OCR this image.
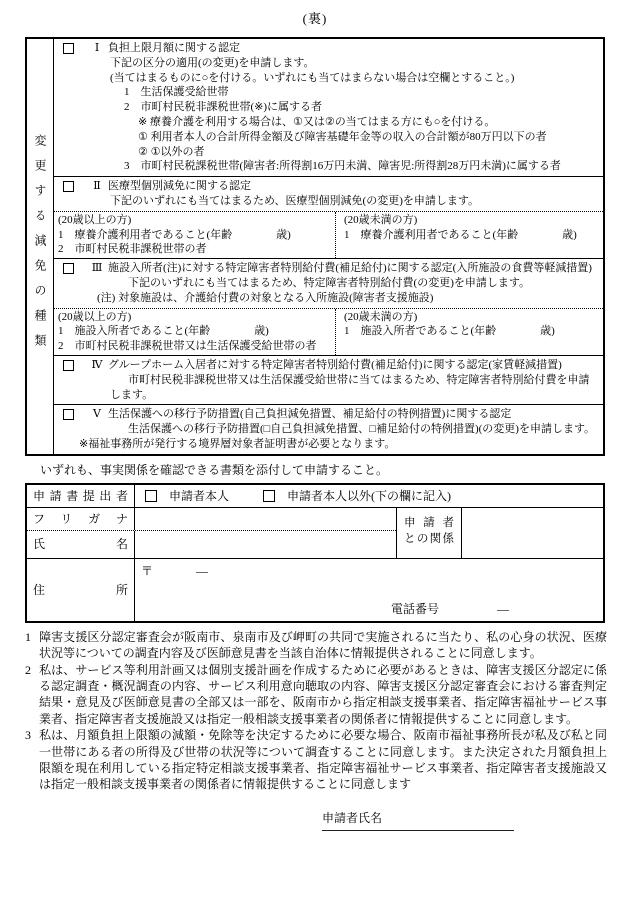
(裏)
変更する減免の種類
Ⅰ 負担上限月額に関する認定
下記の区分の適用(の変更)を申請します。
(当てはまるものに○を付ける。いずれにも当てはまらない場合は空欄とすること。)
1　生活保護受給世帯
2　市町村民税非課税世帯(※)に属する者
※ 療養介護を利用する場合は、①又は②の当てはまる方にも○を付ける。
① 利用者本人の合計所得金額及び障害基礎年金等の収入の合計額が80万円以下の者
② ①以外の者
3　市町村民税課税世帯(障害者:所得割16万円未満、障害児:所得割28万円未満)に属する者
Ⅱ 医療型個別減免に関する認定
下記のいずれにも当てはまるため、医療型個別減免(の変更)を申請します。
(20歳以上の方)
1　療養介護利用者であること(年齢　　　　歳)
2　市町村民税非課税世帯の者
(20歳未満の方)
1　療養介護利用者であること(年齢　　　　歳)
Ⅲ 施設入所者(注)に対する特定障害者特別給付費(補足給付)に関する認定(入所施設の食費等軽減措置)
下記のいずれにも当てはまるため、特定障害者特別給付費(の変更)を申請します。
(注) 対象施設は、介護給付費の対象となる入所施設(障害者支援施設)
(20歳以上の方)
1　施設入所者であること(年齢　　　　歳)
2　市町村民税非課税世帯又は生活保護受給世帯の者
(20歳未満の方)
1　施設入所者であること(年齢　　　　歳)
Ⅳ グループホーム入居者に対する特定障害者特別給付費(補足給付)に関する認定(家賃軽減措置)
市町村民税非課税世帯又は生活保護受給世帯に当てはまるため、特定障害者特別給付費を申請します。
Ⅴ 生活保護への移行予防措置(自己負担減免措置、補足給付の特例措置)に関する認定
生活保護への移行予防措置(□自己負担減免措置、□補足給付の特例措置)(の変更)を申請します。
※福祉事務所が発行する境界層対象者証明書が必要となります。
いずれも、事実関係を確認できる書類を添付して申請すること。
申請書提出者	申請者本人	申請者本人以外(下の欄に記入)
フリガナ
氏名
申請者
との関係
住所
〒	—
電話番号	—
1 障害支援区分認定審査会が阪南市、泉南市及び岬町の共同で実施されるに当たり、私の心身の状況、医療状況等についての調査内容及び医師意見書を当該自治体に情報提供されることに同意します。
2 私は、サービス等利用計画又は個別支援計画を作成するために必要があるときは、障害支援区分認定に係る認定調査・概況調査の内容、サービス利用意向聴取の内容、障害支援区分認定審査会における審査判定結果・意見及び医師意見書の全部又は一部を、阪南市から指定相談支援事業者、指定障害福祉サービス事業者、指定障害者支援施設又は指定一般相談支援事業者の関係者に情報提供することに同意します。
3 私は、月額負担上限額の減額・免除等を決定するために必要な場合、阪南市福祉事務所長が私及び私と同一世帯にある者の所得及び世帯の状況等について調査することに同意します。また決定された月額負担上限額を現在利用している指定特定相談支援事業者、指定障害福祉サービス事業者、指定障害者支援施設又は指定一般相談支援事業者の関係者に情報提供することに同意します
申請者氏名
